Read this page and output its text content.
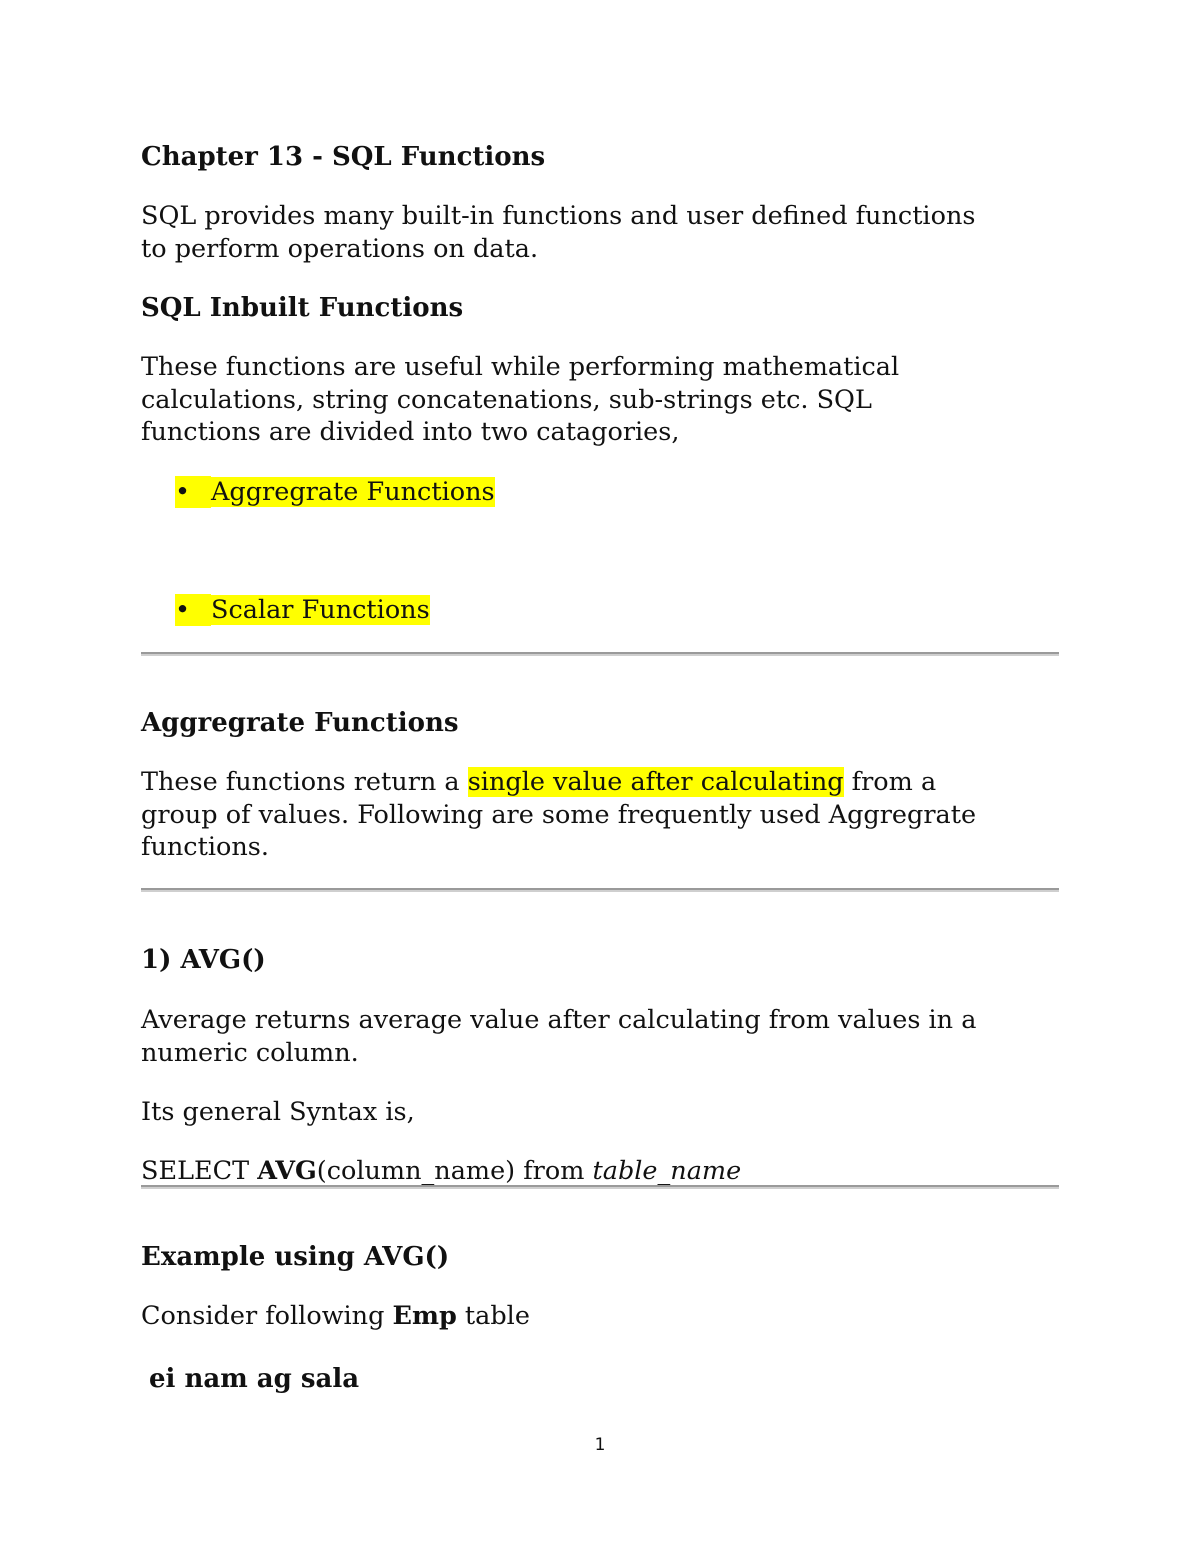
Chapter 13 - SQL Functions
SQL provides many built-in functions and user defined functions
to perform operations on data.
SQL Inbuilt Functions
These functions are useful while performing mathematical
calculations, string concatenations, sub-strings etc. SQL
functions are divided into two catagories,
• Aggregrate Functions
• Scalar Functions
Aggregrate Functions
These functions return a single value after calculating from a
group of values. Following are some frequently used Aggregrate
functions.
1) AVG()
Average returns average value after calculating from values in a
numeric column.
Its general Syntax is,
SELECT AVG(column_name) from table_name
Example using AVG()
Consider following Emp table
ei nam ag sala
1
